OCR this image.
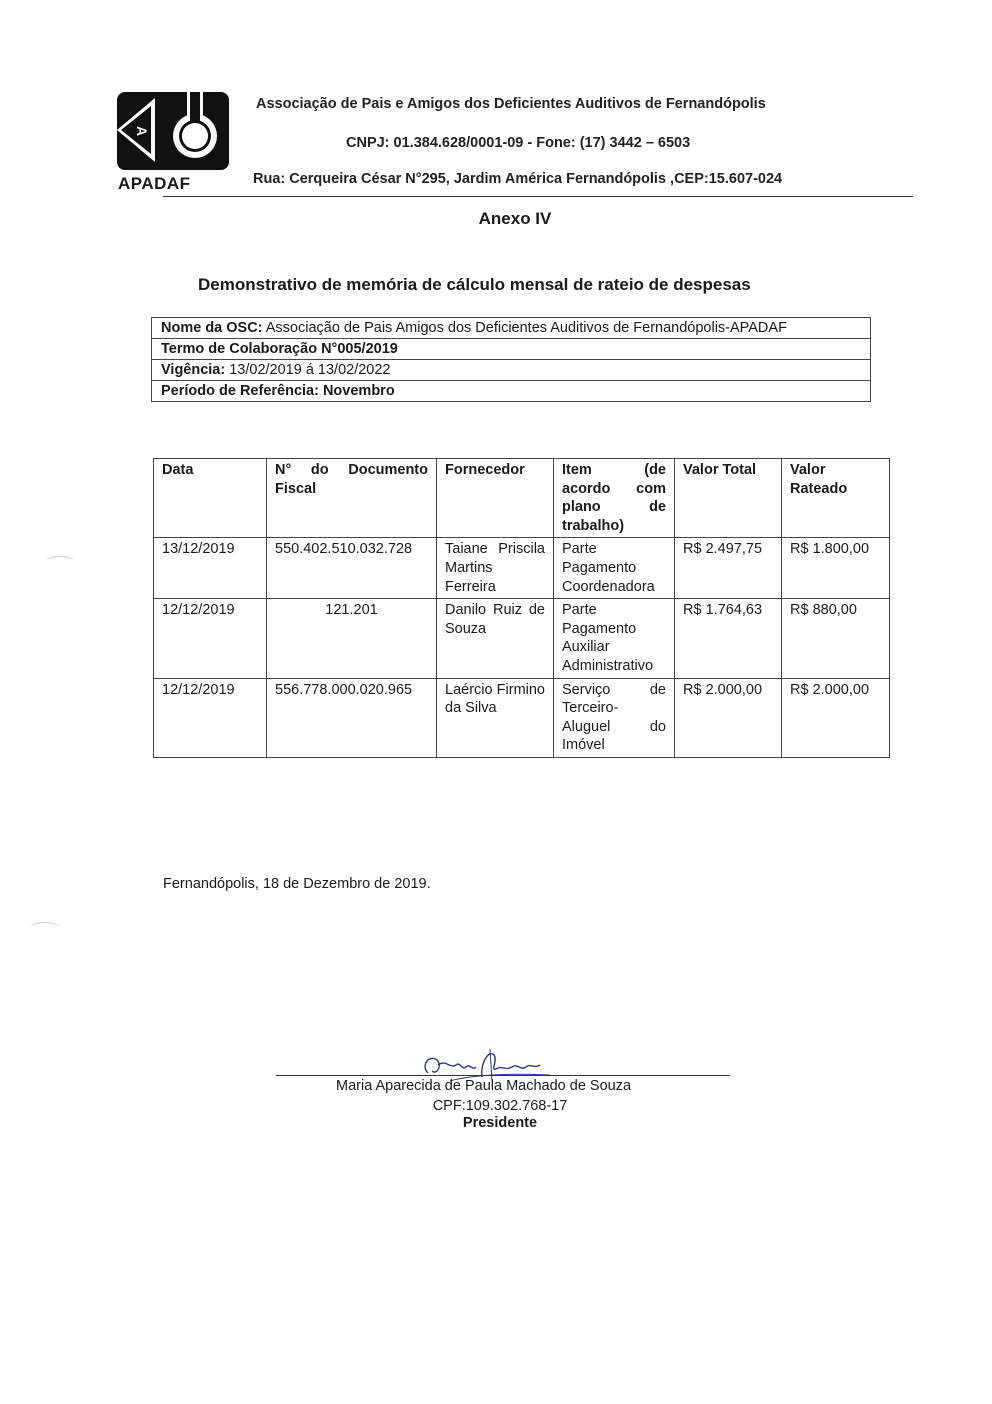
A
APADAF
Associação de Pais e Amigos dos Deficientes Auditivos de Fernandópolis
CNPJ: 01.384.628/0001-09 - Fone: (17) 3442 – 6503
Rua: Cerqueira César N°295, Jardim América Fernandópolis ,CEP:15.607-024
Anexo IV
Demonstrativo de memória de cálculo mensal de rateio de despesas
Nome da OSC: Associação de Pais Amigos dos Deficientes Auditivos de Fernandópolis-APADAF
Termo de Colaboração N°005/2019
Vigência: 13/02/2019 á 13/02/2022
Período de Referência: Novembro
Data	N° do Documento Fiscal	Fornecedor	Item (de acordo com plano de trabalho)	Valor Total	Valor Rateado
13/12/2019	550.402.510.032.728	Taiane Priscila Martins Ferreira	Parte Pagamento Coordenadora	R$ 2.497,75	R$ 1.800,00
12/12/2019	121.201	Danilo Ruiz de Souza	Parte Pagamento Auxiliar Administrativo	R$ 1.764,63	R$ 880,00
12/12/2019	556.778.000.020.965	Laércio Firmino da Silva	Serviço de Terceiro-Aluguel do Imóvel	R$ 2.000,00	R$ 2.000,00
Fernandópolis, 18 de Dezembro de 2019.
Maria Aparecida de Paula Machado de Souza
CPF:109.302.768-17
Presidente
